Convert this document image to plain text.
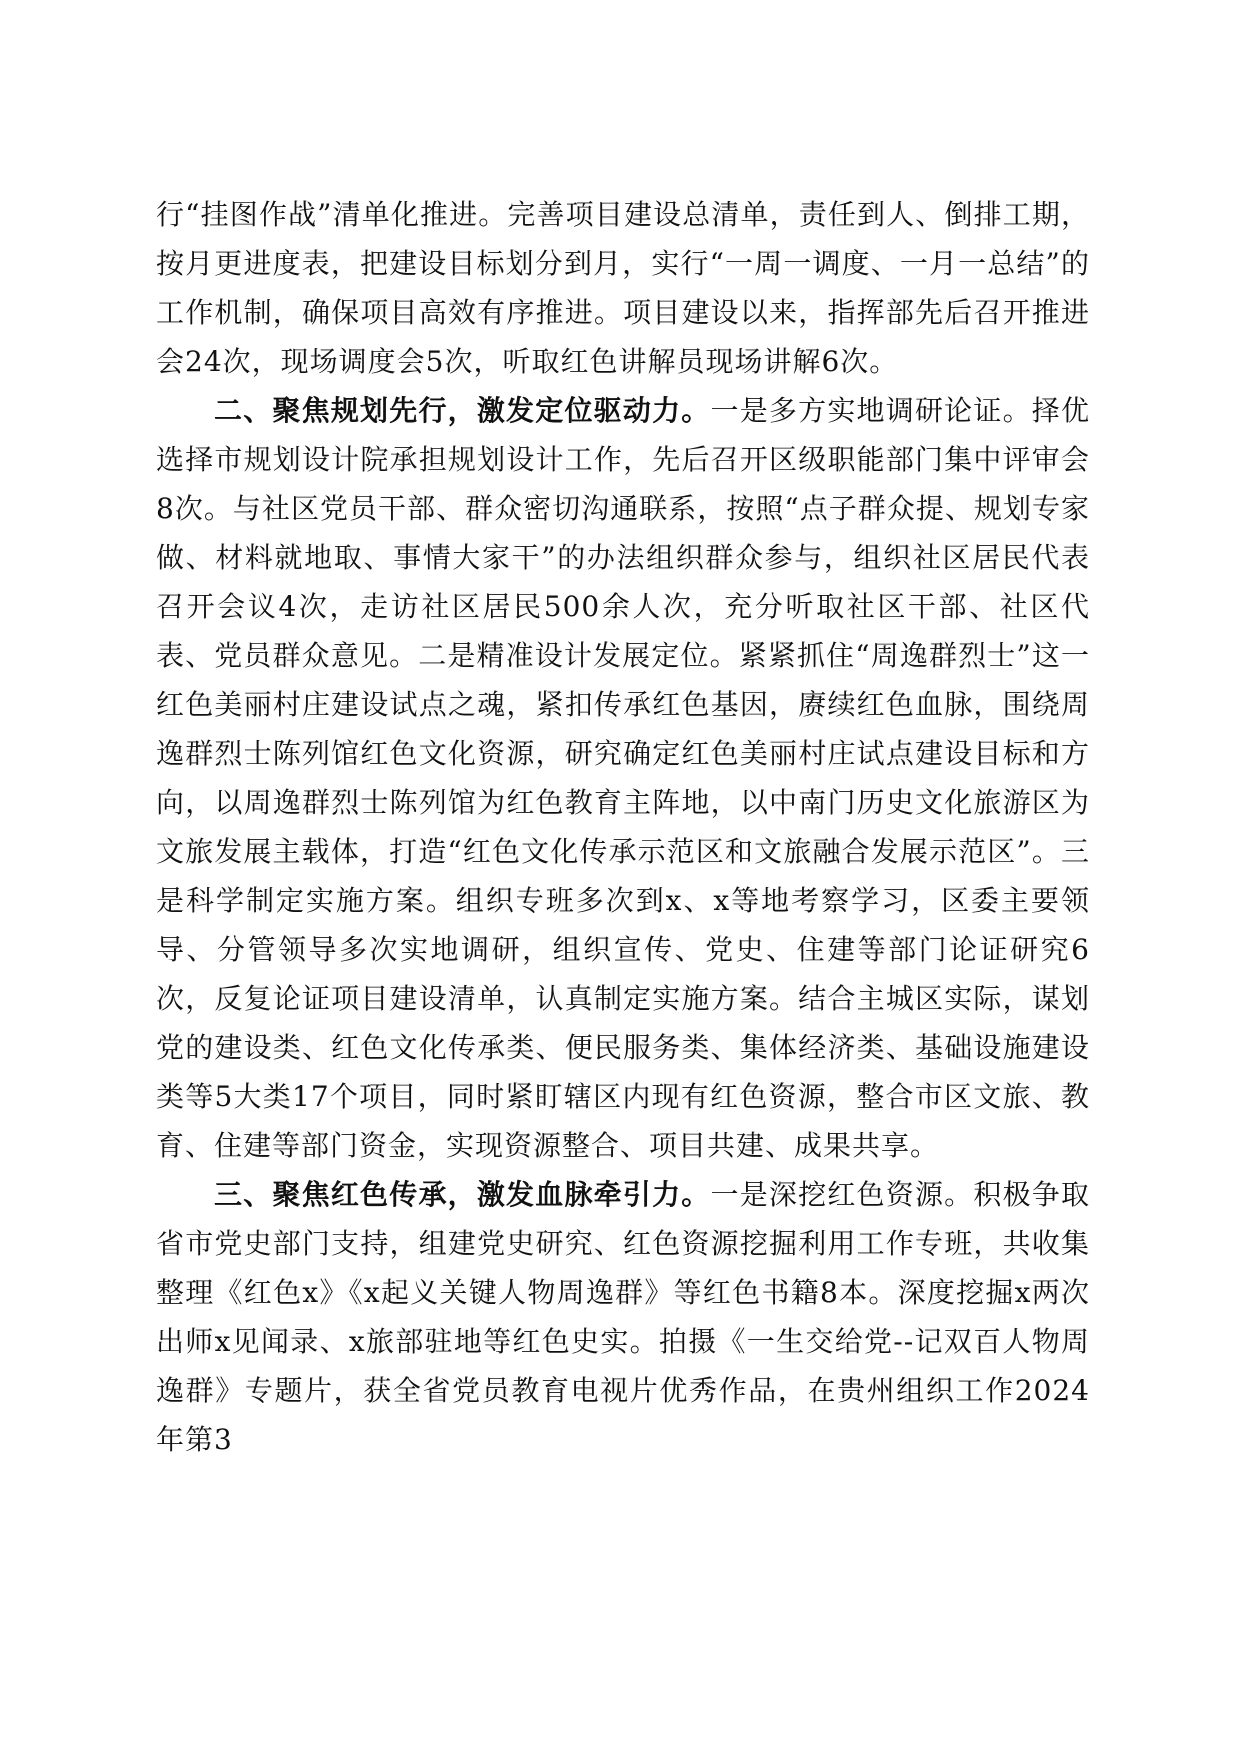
行“挂图作战”清单化推进。完善项目建设总清单，责任到人、倒排工期，按月更进度表，把建设目标划分到月，实行“一周一调度、一月一总结”的工作机制，确保项目高效有序推进。项目建设以来，指挥部先后召开推进会24次，现场调度会5次，听取红色讲解员现场讲解6次。

二、聚焦规划先行，激发定位驱动力。一是多方实地调研论证。择优选择市规划设计院承担规划设计工作，先后召开区级职能部门集中评审会8次。与社区党员干部、群众密切沟通联系，按照“点子群众提、规划专家做、材料就地取、事情大家干”的办法组织群众参与，组织社区居民代表召开会议4次，走访社区居民500余人次，充分听取社区干部、社区代表、党员群众意见。二是精准设计发展定位。紧紧抓住“周逸群烈士”这一红色美丽村庄建设试点之魂，紧扣传承红色基因，赓续红色血脉，围绕周逸群烈士陈列馆红色文化资源，研究确定红色美丽村庄试点建设目标和方向，以周逸群烈士陈列馆为红色教育主阵地，以中南门历史文化旅游区为文旅发展主载体，打造“红色文化传承示范区和文旅融合发展示范区”。三是科学制定实施方案。组织专班多次到x、x等地考察学习，区委主要领导、分管领导多次实地调研，组织宣传、党史、住建等部门论证研究6次，反复论证项目建设清单，认真制定实施方案。结合主城区实际，谋划党的建设类、红色文化传承类、便民服务类、集体经济类、基础设施建设类等5大类17个项目，同时紧盯辖区内现有红色资源，整合市区文旅、教育、住建等部门资金，实现资源整合、项目共建、成果共享。

三、聚焦红色传承，激发血脉牵引力。一是深挖红色资源。积极争取省市党史部门支持，组建党史研究、红色资源挖掘利用工作专班，共收集整理《红色x》《x起义关键人物周逸群》等红色书籍8本。深度挖掘x两次出师x见闻录、x旅部驻地等红色史实。拍摄《一生交给党--记双百人物周逸群》专题片，获全省党员教育电视片优秀作品，在贵州组织工作2024年第3
